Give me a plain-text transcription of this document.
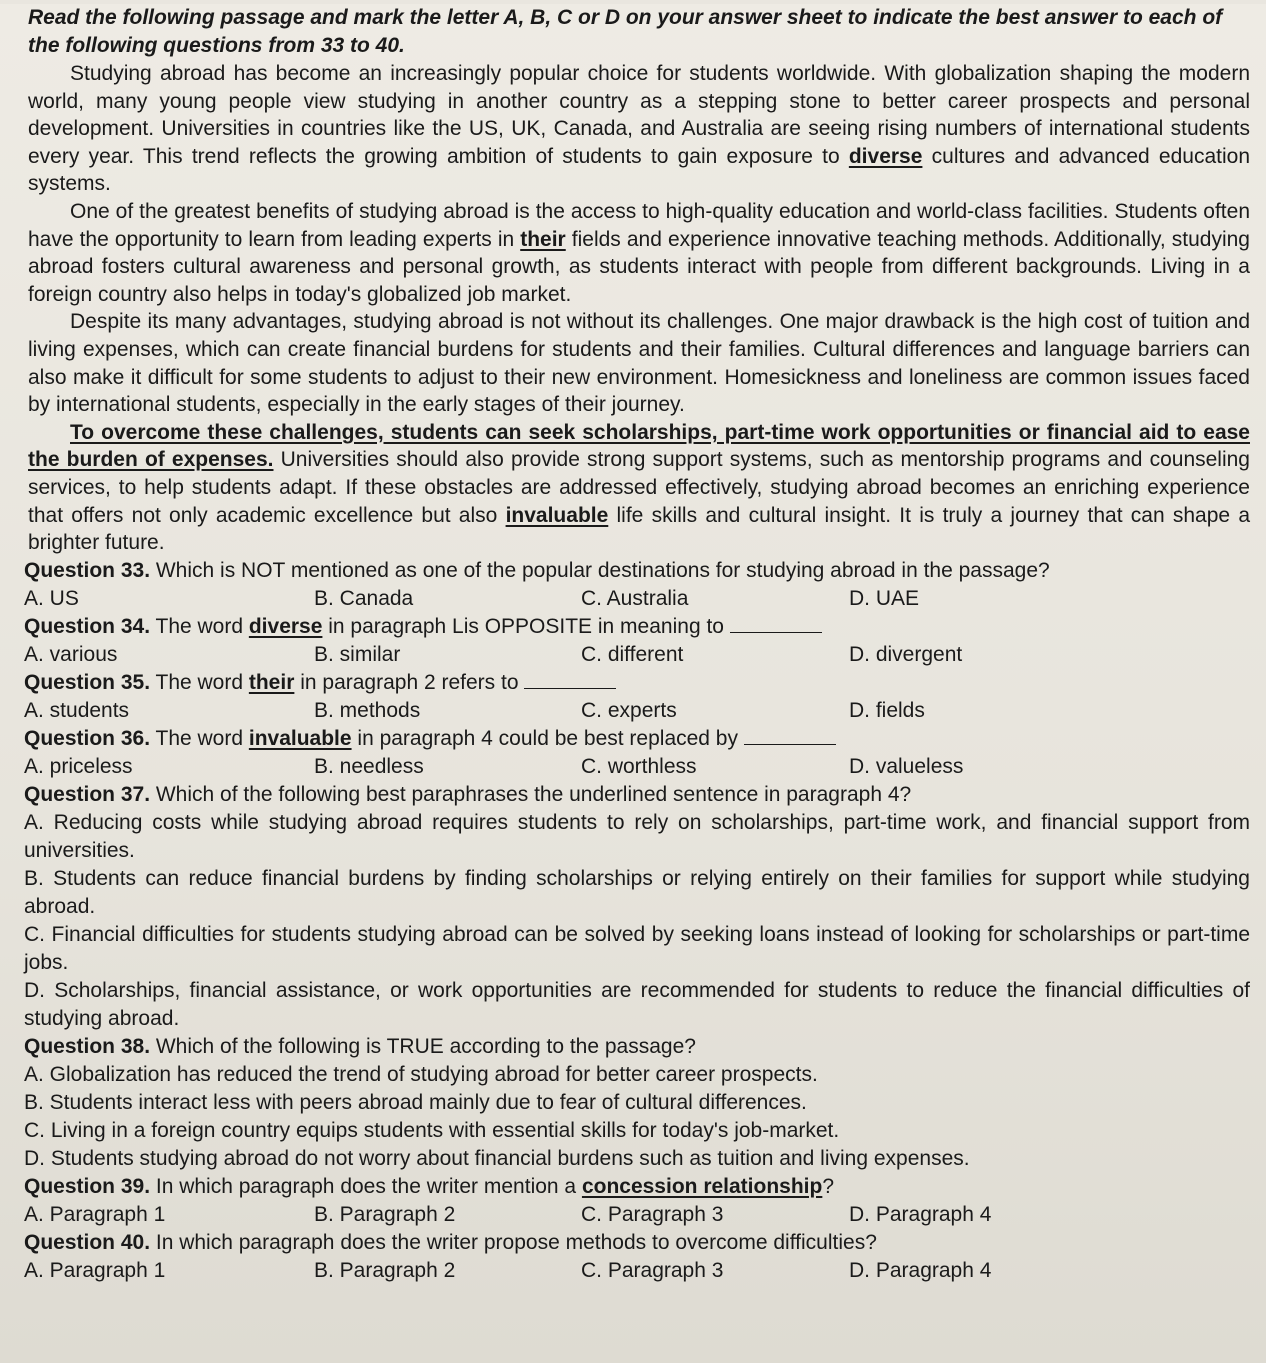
Read the following passage and mark the letter A, B, C or D on your answer sheet to indicate the best answer to each of the following questions from 33 to 40.

Studying abroad has become an increasingly popular choice for students worldwide. With globalization shaping the modern world, many young people view studying in another country as a stepping stone to better career prospects and personal development. Universities in countries like the US, UK, Canada, and Australia are seeing rising numbers of international students every year. This trend reflects the growing ambition of students to gain exposure to diverse cultures and advanced education systems.

One of the greatest benefits of studying abroad is the access to high-quality education and world-class facilities. Students often have the opportunity to learn from leading experts in their fields and experience innovative teaching methods. Additionally, studying abroad fosters cultural awareness and personal growth, as students interact with people from different backgrounds. Living in a foreign country also helps in today's globalized job market.

Despite its many advantages, studying abroad is not without its challenges. One major drawback is the high cost of tuition and living expenses, which can create financial burdens for students and their families. Cultural differences and language barriers can also make it difficult for some students to adjust to their new environment. Homesickness and loneliness are common issues faced by international students, especially in the early stages of their journey.

To overcome these challenges, students can seek scholarships, part-time work opportunities or financial aid to ease the burden of expenses. Universities should also provide strong support systems, such as mentorship programs and counseling services, to help students adapt. If these obstacles are addressed effectively, studying abroad becomes an enriching experience that offers not only academic excellence but also invaluable life skills and cultural insight. It is truly a journey that can shape a brighter future.

Question 33. Which is NOT mentioned as one of the popular destinations for studying abroad in the passage?
A. US	B. Canada	C. Australia	D. UAE
Question 34. The word diverse in paragraph Lis OPPOSITE in meaning to
A. various	B. similar	C. different	D. divergent
Question 35. The word their in paragraph 2 refers to
A. students	B. methods	C. experts	D. fields
Question 36. The word invaluable in paragraph 4 could be best replaced by
A. priceless	B. needless	C. worthless	D. valueless
Question 37. Which of the following best paraphrases the underlined sentence in paragraph 4?
A. Reducing costs while studying abroad requires students to rely on scholarships, part-time work, and financial support from universities.
B. Students can reduce financial burdens by finding scholarships or relying entirely on their families for support while studying abroad.
C. Financial difficulties for students studying abroad can be solved by seeking loans instead of looking for scholarships or part-time jobs.
D. Scholarships, financial assistance, or work opportunities are recommended for students to reduce the financial difficulties of studying abroad.
Question 38. Which of the following is TRUE according to the passage?
A. Globalization has reduced the trend of studying abroad for better career prospects.
B. Students interact less with peers abroad mainly due to fear of cultural differences.
C. Living in a foreign country equips students with essential skills for today's job-market.
D. Students studying abroad do not worry about financial burdens such as tuition and living expenses.
Question 39. In which paragraph does the writer mention a concession relationship?
A. Paragraph 1	B. Paragraph 2	C. Paragraph 3	D. Paragraph 4
Question 40. In which paragraph does the writer propose methods to overcome difficulties?
A. Paragraph 1	B. Paragraph 2	C. Paragraph 3	D. Paragraph 4
